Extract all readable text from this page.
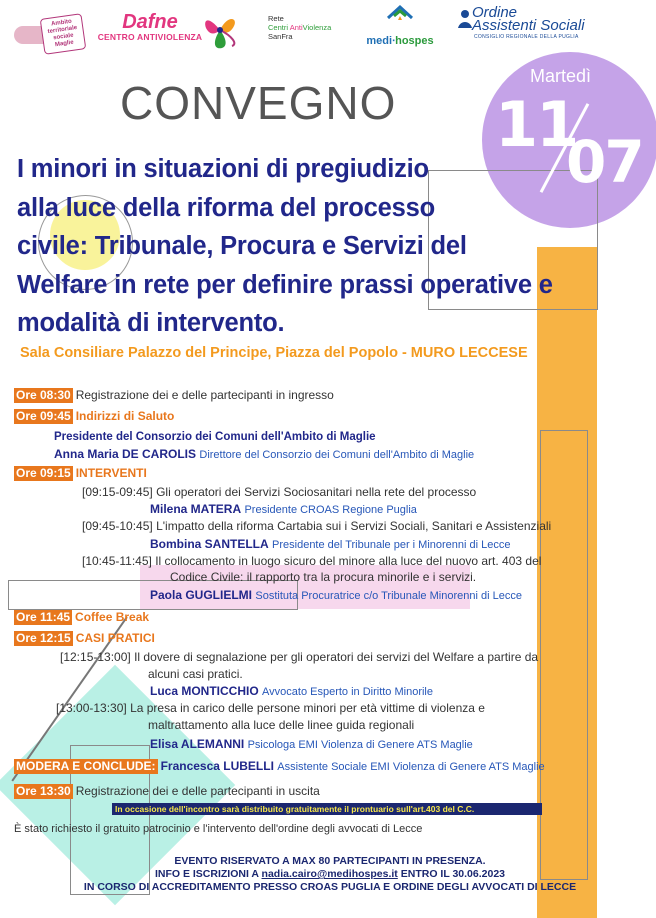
Ambito territoriale sociale Maglie
Dafne
CENTRO ANTIVIOLENZA
Rete
Centri AntiViolenza
SanFra	medi∙hospes
Ordine
Assistenti Sociali
CONSIGLIO REGIONALE DELLA PUGLIA
Martedì
11
07
CONVEGNO
I minori in situazioni di pregiudizio
alla luce della riforma del processo
civile: Tribunale, Procura e Servizi del
Welfare in rete per definire prassi operative e
modalità di intervento.
Sala Consiliare Palazzo del Principe, Piazza del Popolo - MURO LECCESE
Ore 08:30 Registrazione dei e delle partecipanti in ingresso
Ore 09:45 Indirizzi di Saluto
Presidente del Consorzio dei Comuni dell'Ambito di Maglie
Anna Maria DE CAROLIS Direttore del Consorzio dei Comuni dell'Ambito di Maglie
Ore 09:15 INTERVENTI
[09:15-09:45] Gli operatori dei Servizi Sociosanitari nella rete del processo
Milena MATERA Presidente CROAS Regione Puglia
[09:45-10:45] L'impatto della riforma Cartabia sui i Servizi Sociali, Sanitari e Assistenziali
Bombina SANTELLA Presidente del Tribunale per i Minorenni di Lecce
[10:45-11:45] Il collocamento in luogo sicuro del minore alla luce del nuovo art. 403 del
Codice Civile: il rapporto tra la procura minorile e i servizi.
Paola GUGLIELMI Sostituta Procuratrice c/o Tribunale Minorenni di Lecce
Ore 11:45 Coffee Break
Ore 12:15 CASI PRATICI
[12:15-13:00] Il dovere di segnalazione per gli operatori dei servizi del Welfare a partire da
alcuni casi pratici.
Luca MONTICCHIO Avvocato Esperto in Diritto Minorile
[13:00-13:30] La presa in carico delle persone minori per età vittime di violenza e
maltrattamento alla luce delle linee guida regionali
Elisa ALEMANNI Psicologa EMI Violenza di Genere ATS Maglie
MODERA E CONCLUDE: Francesca LUBELLI Assistente Sociale EMI Violenza di Genere ATS Maglie
Ore 13:30 Registrazione dei e delle partecipanti in uscita
In occasione dell'incontro sarà distribuito gratuitamente il prontuario sull'art.403 del C.C.
È stato richiesto il gratuito patrocinio e l'intervento dell'ordine degli avvocati di Lecce
EVENTO RISERVATO A MAX 80 PARTECIPANTI IN PRESENZA.
INFO E ISCRIZIONI A nadia.cairo@medihospes.it ENTRO IL 30.06.2023
IN CORSO DI ACCREDITAMENTO PRESSO CROAS PUGLIA E ORDINE DEGLI AVVOCATI DI LECCE
